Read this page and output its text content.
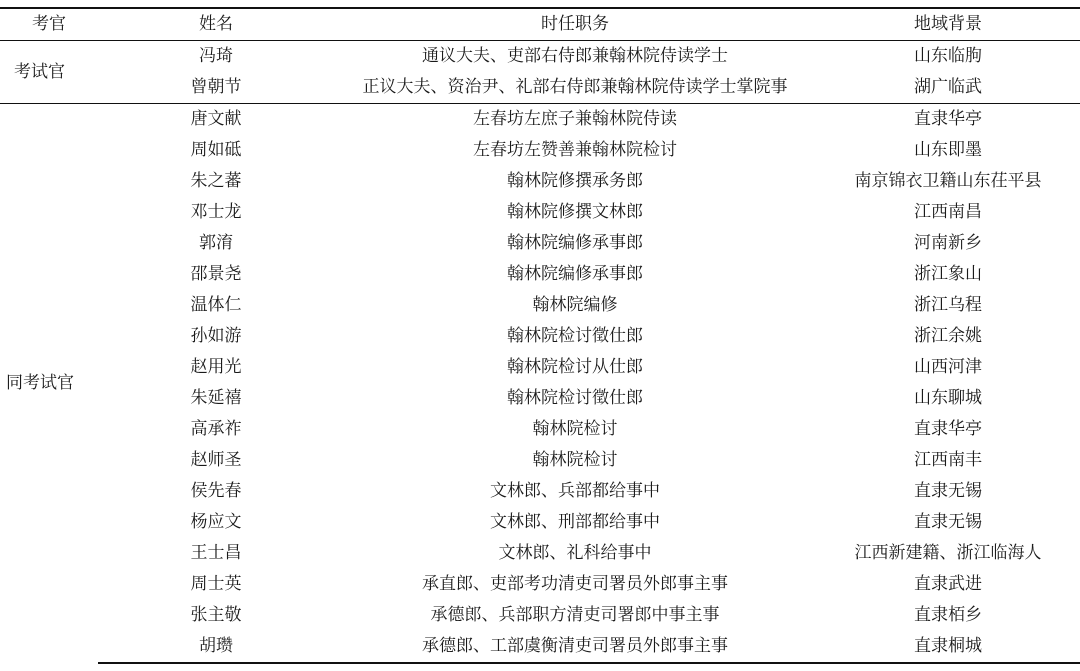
考官	姓名	时任职务	地域背景
考试官	冯琦	通议大夫、吏部右侍郎兼翰林院侍读学士	山东临朐
	曾朝节	正议大夫、资治尹、礼部右侍郎兼翰林院侍读学士掌院事	湖广临武
同考试官	唐文献	左春坊左庶子兼翰林院侍读	直隶华亭
	周如砥	左春坊左赞善兼翰林院检讨	山东即墨
	朱之蕃	翰林院修撰承务郎	南京锦衣卫籍山东茌平县
	邓士龙	翰林院修撰文林郎	江西南昌
	郭淯	翰林院编修承事郎	河南新乡
	邵景尧	翰林院编修承事郎	浙江象山
	温体仁	翰林院编修	浙江乌程
	孙如游	翰林院检讨徵仕郎	浙江余姚
	赵用光	翰林院检讨从仕郎	山西河津
	朱延禧	翰林院检讨徵仕郎	山东聊城
	高承祚	翰林院检讨	直隶华亭
	赵师圣	翰林院检讨	江西南丰
	侯先春	文林郎、兵部都给事中	直隶无锡
	杨应文	文林郎、刑部都给事中	直隶无锡
	王士昌	文林郎、礼科给事中	江西新建籍、浙江临海人
	周士英	承直郎、吏部考功清吏司署员外郎事主事	直隶武进
	张主敬	承德郎、兵部职方清吏司署郎中事主事	直隶栢乡
	胡瓒	承德郎、工部虞衡清吏司署员外郎事主事	直隶桐城
